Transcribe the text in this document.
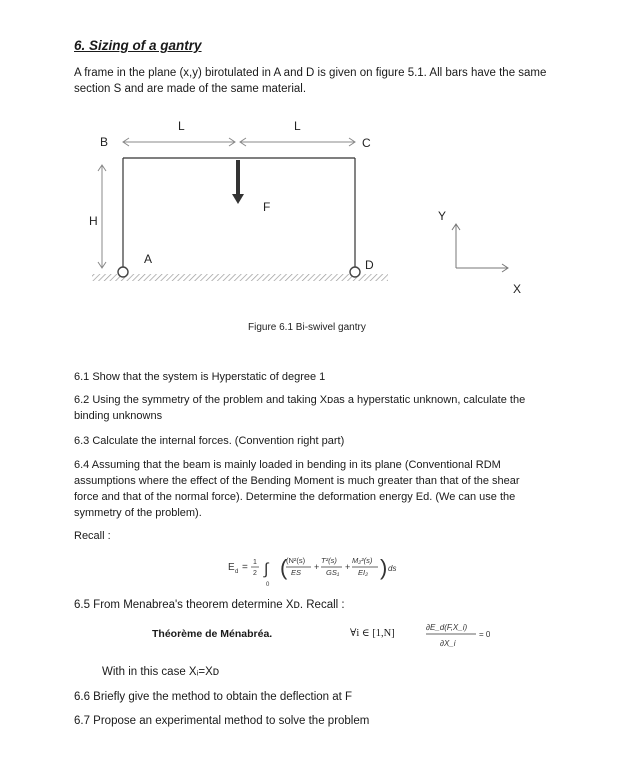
6. Sizing of a gantry
A frame in the plane (x,y) birotulated in A and D is given on figure 5.1. All bars have the same section S and are made of the same material.
L	L
B	C
H
F
A	D
Y
X
Figure 6.1 Bi-swivel gantry
6.1 Show that the system is Hyperstatic of degree 1
6.2 Using the symmetry of the problem and taking Xᴅas a hyperstatic unknown, calculate the binding unknowns
6.3 Calculate the internal forces. (Convention right part)
6.4 Assuming that the beam is mainly loaded in bending in its plane (Conventional RDM assumptions where the effect of the Bending Moment is much greater than that of the shear force and that of the normal force). Determine the deformation energy Ed. (We can use the symmetry of the problem).
Recall :
E d = 1
2 ∫
0
(
(N²(s)
ES
+
T²(s)
GS₁
+
M₂²(s)
EI₂ ) ds
6.5 From Menabrea's theorem determine Xᴅ. Recall :
Théorème de Ménabréa.	∀i ∈ [1,N]
∂E_d(F,X_i)
∂X_i
= 0
With in this case Xᵢ=Xᴅ
6.6 Briefly give the method to obtain the deflection at F
6.7 Propose an experimental method to solve the problem
